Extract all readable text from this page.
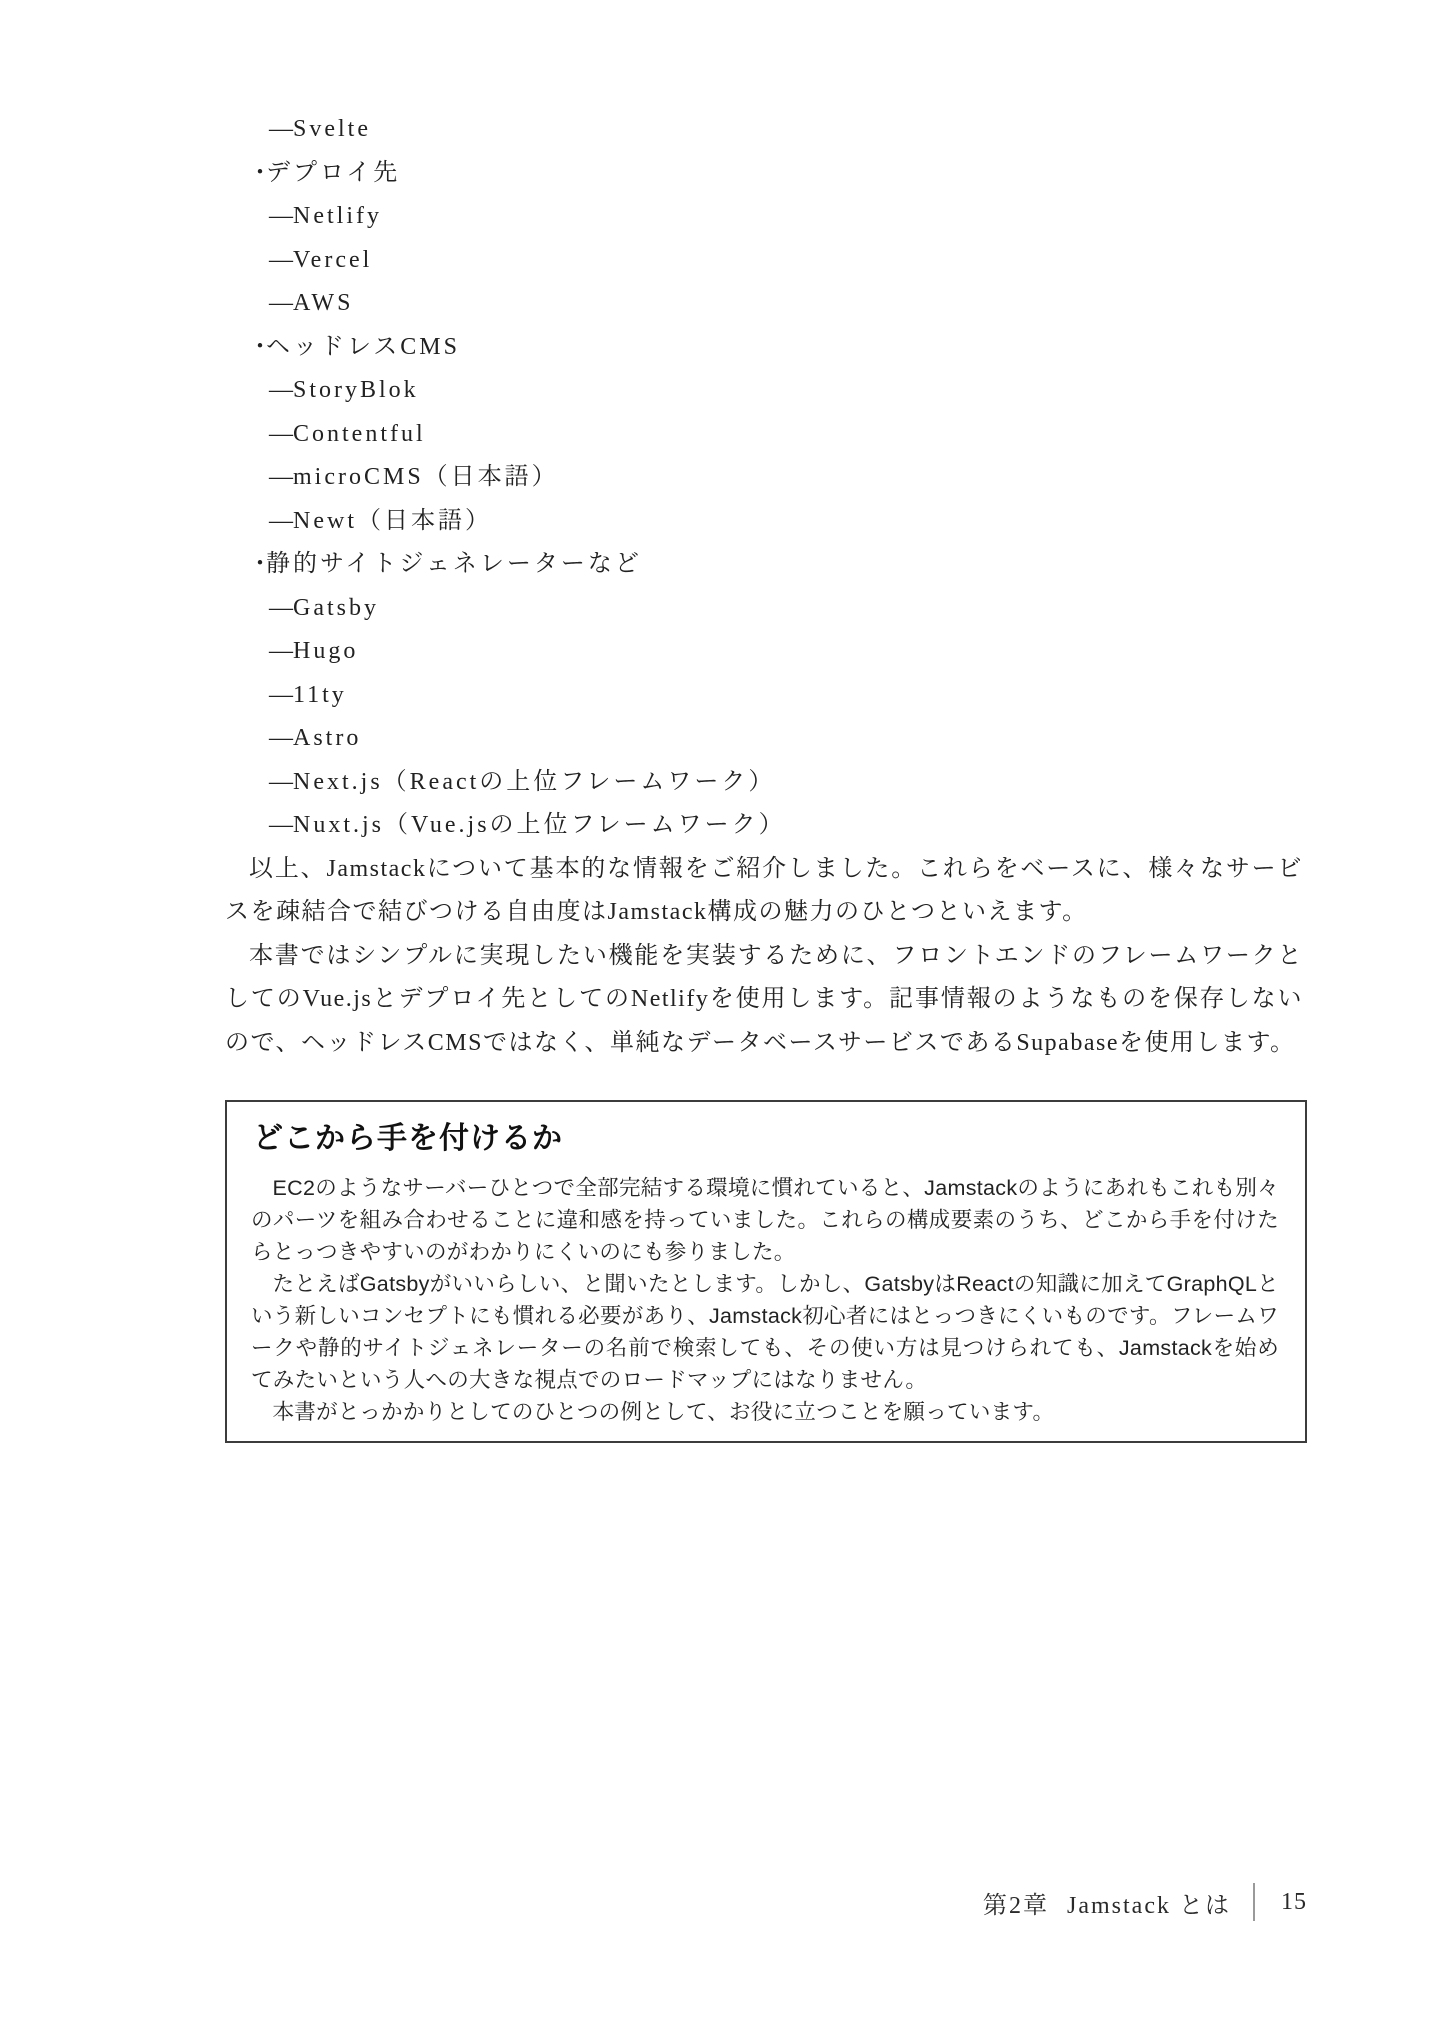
―Svelte
・デプロイ先
―Netlify
―Vercel
―AWS
・ヘッドレスCMS
―StoryBlok
―Contentful
―microCMS（日本語）
―Newt（日本語）
・静的サイトジェネレーターなど
―Gatsby
―Hugo
―11ty
―Astro
―Next.js（Reactの上位フレームワーク）
―Nuxt.js（Vue.jsの上位フレームワーク）

以上、Jamstackについて基本的な情報をご紹介しました。これらをベースに、様々なサービスを疎結合で結びつける自由度はJamstack構成の魅力のひとつといえます。

本書ではシンプルに実現したい機能を実装するために、フロントエンドのフレームワークとしてのVue.jsとデプロイ先としてのNetlifyを使用します。記事情報のようなものを保存しないので、ヘッドレスCMSではなく、単純なデータベースサービスであるSupabaseを使用します。

どこから手を付けるか

EC2のようなサーバーひとつで全部完結する環境に慣れていると、Jamstackのようにあれもこれも別々のパーツを組み合わせることに違和感を持っていました。これらの構成要素のうち、どこから手を付けたらとっつきやすいのがわかりにくいのにも参りました。

たとえばGatsbyがいいらしい、と聞いたとします。しかし、GatsbyはReactの知識に加えてGraphQLという新しいコンセプトにも慣れる必要があり、Jamstack初心者にはとっつきにくいものです。フレームワークや静的サイトジェネレーターの名前で検索しても、その使い方は見つけられても、Jamstackを始めてみたいという人への大きな視点でのロードマップにはなりません。

本書がとっかかりとしてのひとつの例として、お役に立つことを願っています。

第2章 Jamstack とは 15
